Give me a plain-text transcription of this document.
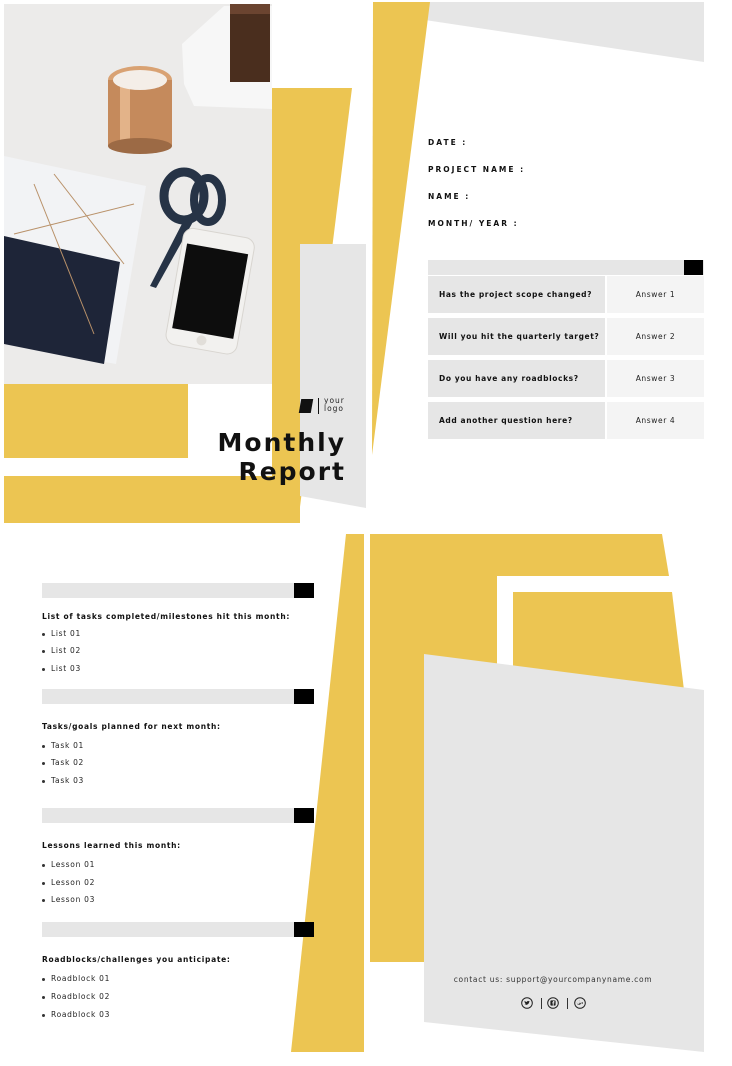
your
logo
Monthly
Report
DATE :
PROJECT NAME :
NAME :
MONTH/ YEAR :
Has the project scope changed?	Answer 1
Will you hit the quarterly target?	Answer 2
Do you have any roadblocks?	Answer 3
Add another question here?	Answer 4
List of tasks completed/milestones hit this month:
List 01
List 02
List 03
Tasks/goals planned for next month:
Task 01
Task 02
Task 03
Lessons learned this month:
Lesson 01
Lesson 02
Lesson 03
Roadblocks/challenges you anticipate:
Roadblock 01
Roadblock 02
Roadblock 03
contact us: support@yourcompanyname.com
